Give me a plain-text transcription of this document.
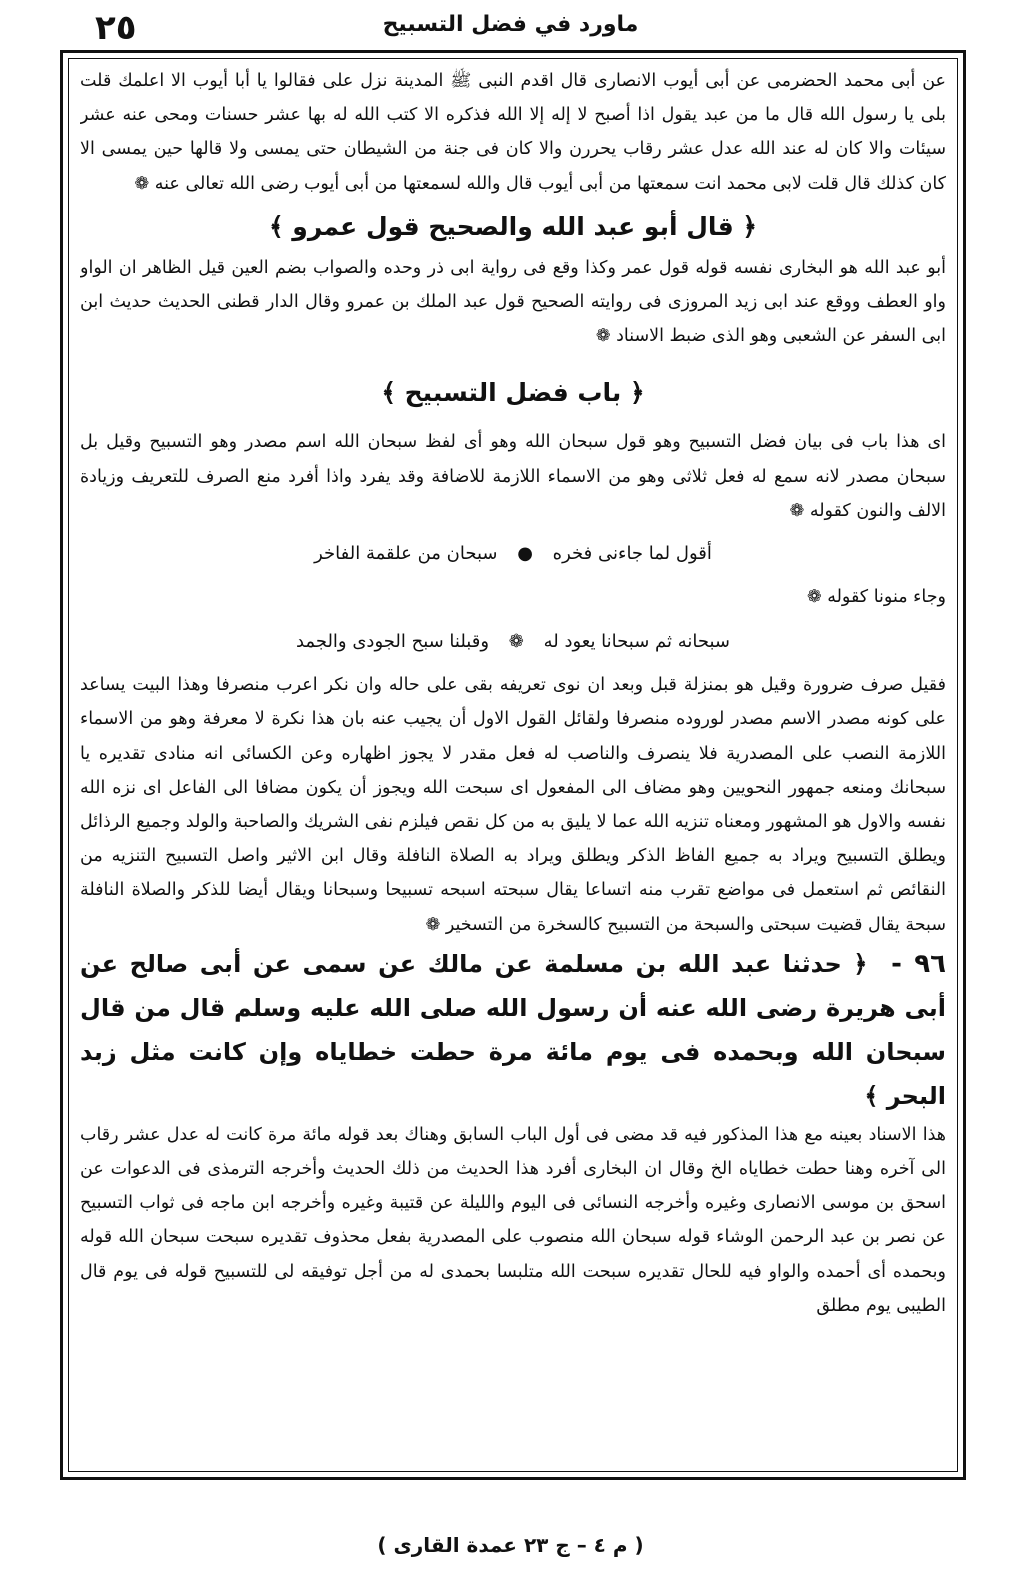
٢٥	ماورد في فضل التسبيح

عن أبى محمد الحضرمى عن أبى أيوب الانصارى قال اقدم النبى ﷺ المدينة نزل على فقالوا يا أبا أيوب الا اعلمك قلت بلى يا رسول الله قال ما من عبد يقول اذا أصبح لا إله إلا الله فذكره الا كتب الله له بها عشر حسنات ومحى عنه عشر سيئات والا كان له عند الله عدل عشر رقاب يحررن والا كان فى جنة من الشيطان حتى يمسى ولا قالها حين يمسى الا كان كذلك قال قلت لابى محمد انت سمعتها من أبى أيوب قال والله لسمعتها من أبى أيوب رضى الله تعالى عنه ❁

﴿ قال أبو عبد الله والصحيح قول عمرو ﴾

أبو عبد الله هو البخارى نفسه قوله قول عمر وكذا وقع فى رواية ابى ذر وحده والصواب بضم العين قيل الظاهر ان الواو واو العطف ووقع عند ابى زيد المروزى فى روايته الصحيح قول عبد الملك بن عمرو وقال الدار قطنى الحديث حديث ابن ابى السفر عن الشعبى وهو الذى ضبط الاسناد ❁

﴿ باب فضل التسبيح ﴾

اى هذا باب فى بيان فضل التسبيح وهو قول سبحان الله وهو أى لفظ سبحان الله اسم مصدر وهو التسبيح وقيل بل سبحان مصدر لانه سمع له فعل ثلاثى وهو من الاسماء اللازمة للاضافة وقد يفرد واذا أفرد منع الصرف للتعريف وزيادة الالف والنون كقوله ❁

أقول لما جاءنى فخره ● سبحان من علقمة الفاخر

وجاء منونا كقوله ❁

سبحانه ثم سبحانا يعود له ❁ وقبلنا سبح الجودى والجمد

فقيل صرف ضرورة وقيل هو بمنزلة قبل وبعد ان نوى تعريفه بقى على حاله وان نكر اعرب منصرفا وهذا البيت يساعد على كونه مصدر الاسم مصدر لوروده منصرفا ولقائل القول الاول أن يجيب عنه بان هذا نكرة لا معرفة وهو من الاسماء اللازمة النصب على المصدرية فلا ينصرف والناصب له فعل مقدر لا يجوز اظهاره وعن الكسائى انه منادى تقديره يا سبحانك ومنعه جمهور النحويين وهو مضاف الى المفعول اى سبحت الله ويجوز أن يكون مضافا الى الفاعل اى نزه الله نفسه والاول هو المشهور ومعناه تنزيه الله عما لا يليق به من كل نقص فيلزم نفى الشريك والصاحبة والولد وجميع الرذائل ويطلق التسبيح ويراد به جميع الفاظ الذكر ويطلق ويراد به الصلاة النافلة وقال ابن الاثير واصل التسبيح التنزيه من النقائص ثم استعمل فى مواضع تقرب منه اتساعا يقال سبحته اسبحه تسبيحا وسبحانا ويقال أيضا للذكر والصلاة النافلة سبحة يقال قضيت سبحتى والسبحة من التسبيح كالسخرة من التسخير ❁

٩٦ - ﴿ حدثنا عبد الله بن مسلمة عن مالك عن سمى عن أبى صالح عن أبى هريرة رضى الله عنه أن رسول الله صلى الله عليه وسلم قال من قال سبحان الله وبحمده فى يوم مائة مرة حطت خطاياه وإن كانت مثل زبد البحر ﴾

هذا الاسناد بعينه مع هذا المذكور فيه قد مضى فى أول الباب السابق وهناك بعد قوله مائة مرة كانت له عدل عشر رقاب الى آخره وهنا حطت خطاياه الخ وقال ان البخارى أفرد هذا الحديث من ذلك الحديث وأخرجه الترمذى فى الدعوات عن اسحق بن موسى الانصارى وغيره وأخرجه النسائى فى اليوم والليلة عن قتيبة وغيره وأخرجه ابن ماجه فى ثواب التسبيح عن نصر بن عبد الرحمن الوشاء قوله سبحان الله منصوب على المصدرية بفعل محذوف تقديره سبحت سبحان الله قوله وبحمده أى أحمده والواو فيه للحال تقديره سبحت الله متلبسا بحمدى له من أجل توفيقه لى للتسبيح قوله فى يوم قال الطيبى يوم مطلق

( م ٤ – ج ٢٣ عمدة القارى )
